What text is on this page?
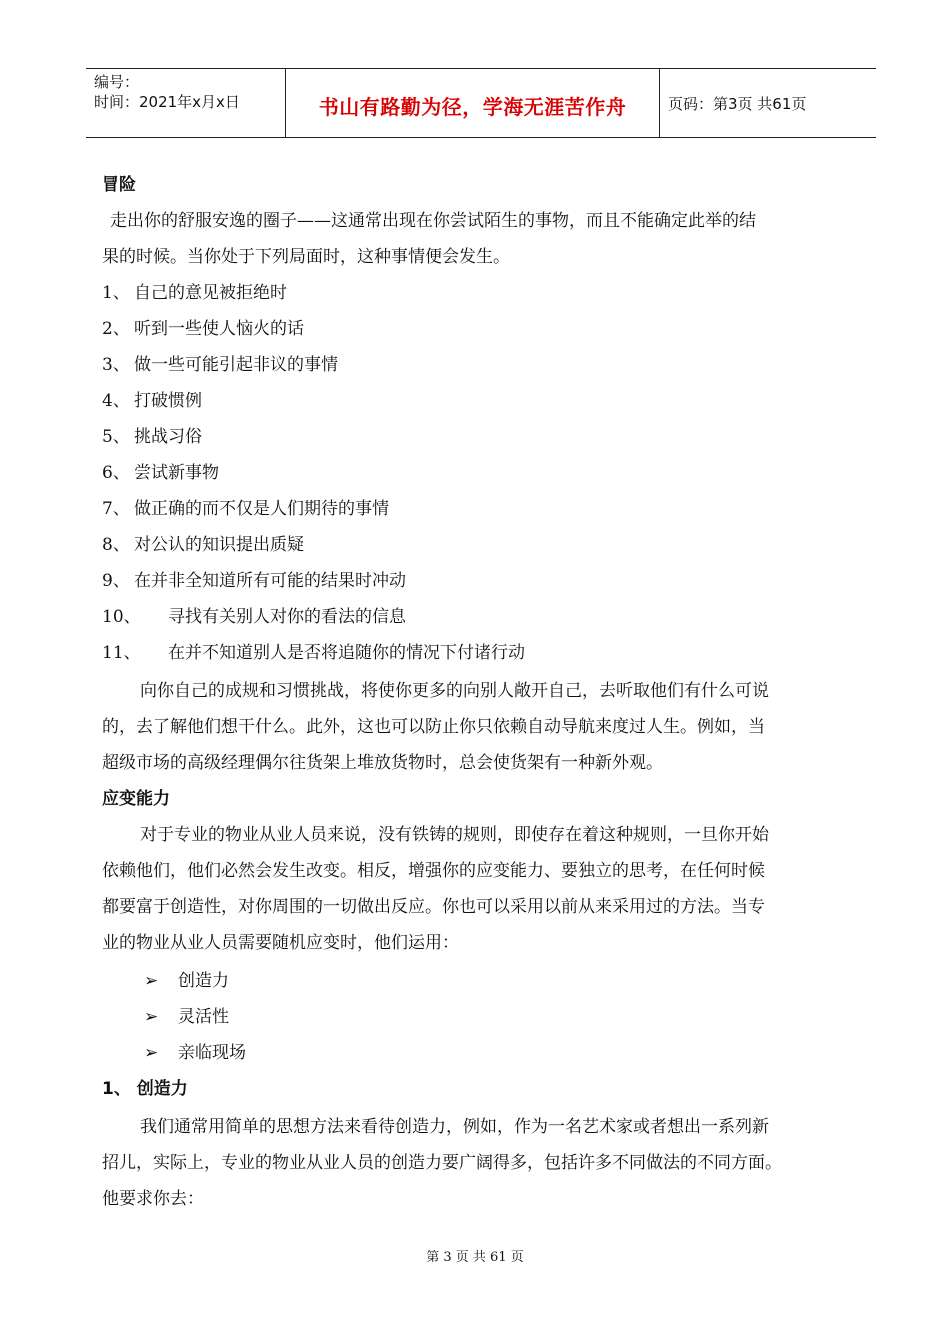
编号：
时间：2021年x月x日	书山有路勤为径，学海无涯苦作舟	页码：第3页 共61页
冒险
走出你的舒服安逸的圈子——这通常出现在你尝试陌生的事物，而且不能确定此举的结
果的时候。当你处于下列局面时，这种事情便会发生。
1、 自己的意见被拒绝时
2、 听到一些使人恼火的话
3、 做一些可能引起非议的事情
4、 打破惯例
5、 挑战习俗
6、 尝试新事物
7、 做正确的而不仅是人们期待的事情
8、 对公认的知识提出质疑
9、 在并非全知道所有可能的结果时冲动
10、 寻找有关别人对你的看法的信息
11、 在并不知道别人是否将追随你的情况下付诸行动
向你自己的成规和习惯挑战，将使你更多的向别人敞开自己，去听取他们有什么可说
的，去了解他们想干什么。此外，这也可以防止你只依赖自动导航来度过人生。例如，当
超级市场的高级经理偶尔往货架上堆放货物时，总会使货架有一种新外观。
应变能力
对于专业的物业从业人员来说，没有铁铸的规则，即使存在着这种规则，一旦你开始
依赖他们，他们必然会发生改变。相反，增强你的应变能力、要独立的思考，在任何时候
都要富于创造性，对你周围的一切做出反应。你也可以采用以前从来采用过的方法。当专
业的物业从业人员需要随机应变时，他们运用：
➢ 创造力
➢ 灵活性
➢ 亲临现场
1、 创造力
我们通常用简单的思想方法来看待创造力，例如，作为一名艺术家或者想出一系列新
招儿，实际上，专业的物业从业人员的创造力要广阔得多，包括许多不同做法的不同方面。
他要求你去：
第 3 页 共 61 页
